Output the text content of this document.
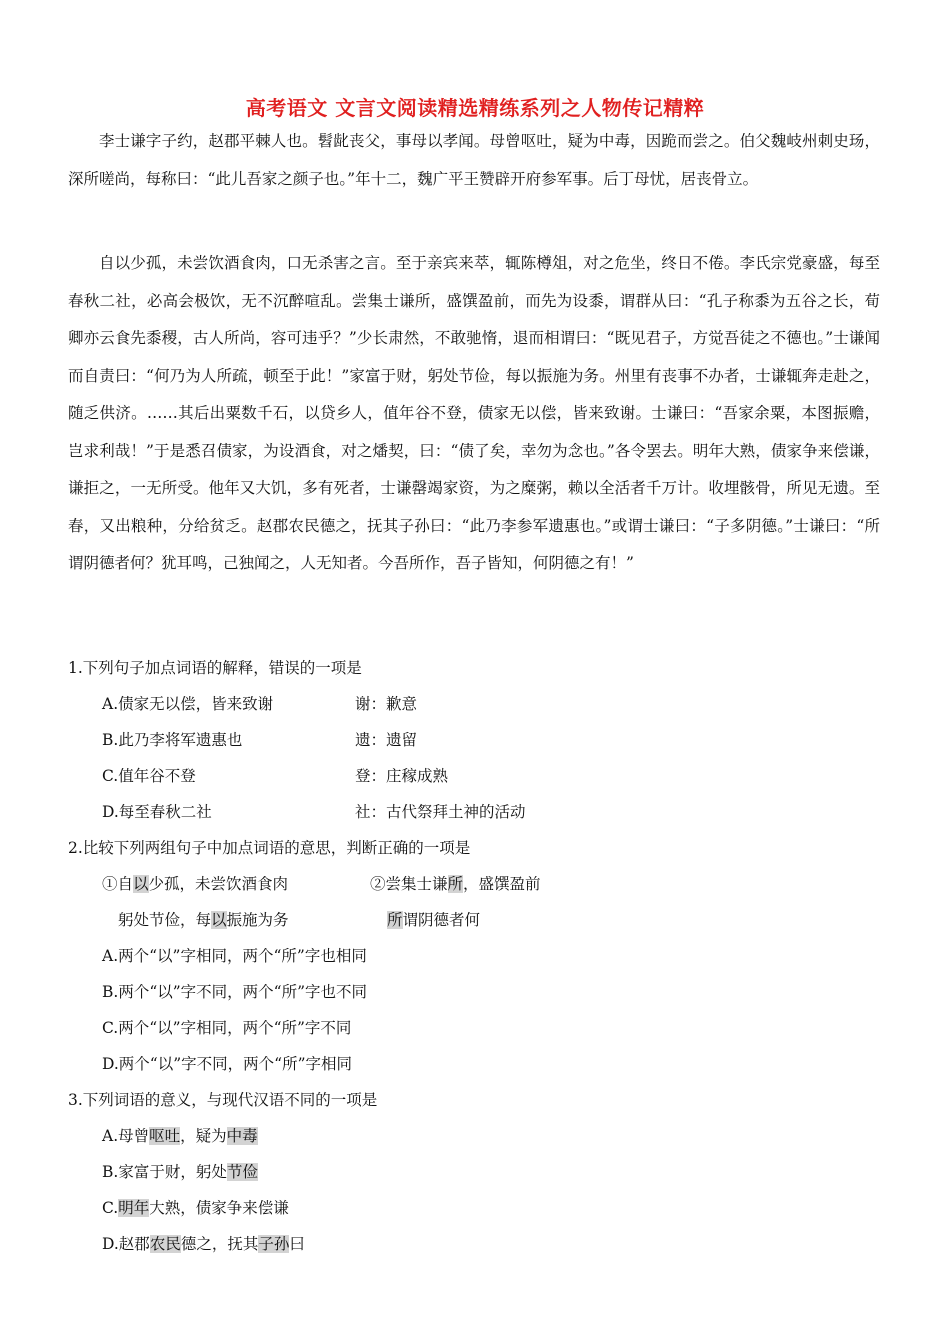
高考语文 文言文阅读精选精练系列之人物传记精粹
李士谦字子约，赵郡平棘人也。髫龀丧父，事母以孝闻。母曾呕吐，疑为中毒，因跪而尝之。伯父魏岐州刺史玚，深所嗟尚，每称曰：“此儿吾家之颜子也。”年十二，魏广平王赞辟开府参军事。后丁母忧，居丧骨立。
自以少孤，未尝饮酒食肉，口无杀害之言。至于亲宾来萃，辄陈樽俎，对之危坐，终日不倦。李氏宗党豪盛，每至春秋二社，必高会极饮，无不沉醉喧乱。尝集士谦所，盛馔盈前，而先为设黍，谓群从曰：“孔子称黍为五谷之长，荀卿亦云食先黍稷，古人所尚，容可违乎？”少长肃然，不敢驰惰，退而相谓曰：“既见君子，方觉吾徒之不德也。”士谦闻而自责曰：“何乃为人所疏，顿至于此！”家富于财，躬处节俭，每以振施为务。州里有丧事不办者，士谦辄奔走赴之，随乏供济。……其后出粟数千石，以贷乡人，值年谷不登，债家无以偿，皆来致谢。士谦曰：“吾家余粟，本图振赡，岂求利哉！”于是悉召债家，为设酒食，对之燔契，曰：“债了矣，幸勿为念也。”各令罢去。明年大熟，债家争来偿谦，谦拒之，一无所受。他年又大饥，多有死者，士谦罄竭家资，为之糜粥，赖以全活者千万计。收埋骸骨，所见无遗。至春，又出粮种，分给贫乏。赵郡农民德之，抚其子孙曰：“此乃李参军遗惠也。”或谓士谦曰：“子多阴德。”士谦曰：“所谓阴德者何？犹耳鸣，己独闻之，人无知者。今吾所作，吾子皆知，何阴德之有！”
1.下列句子加点词语的解释，错误的一项是
A.债家无以偿，皆来致谢	谢：歉意
B.此乃李将军遗惠也	遗：遗留
C.值年谷不登	登：庄稼成熟
D.每至春秋二社	社：古代祭拜土神的活动
2.比较下列两组句子中加点词语的意思，判断正确的一项是
①自以少孤，未尝饮酒食肉	②尝集士谦所，盛馔盈前
躬处节俭，每以振施为务	所谓阴德者何
A.两个“以”字相同，两个“所”字也相同
B.两个“以”字不同，两个“所”字也不同
C.两个“以”字相同，两个“所”字不同
D.两个“以”字不同，两个“所”字相同
3.下列词语的意义，与现代汉语不同的一项是
A.母曾呕吐，疑为中毒
B.家富于财，躬处节俭
C.明年大熟，债家争来偿谦
D.赵郡农民德之，抚其子孙曰
